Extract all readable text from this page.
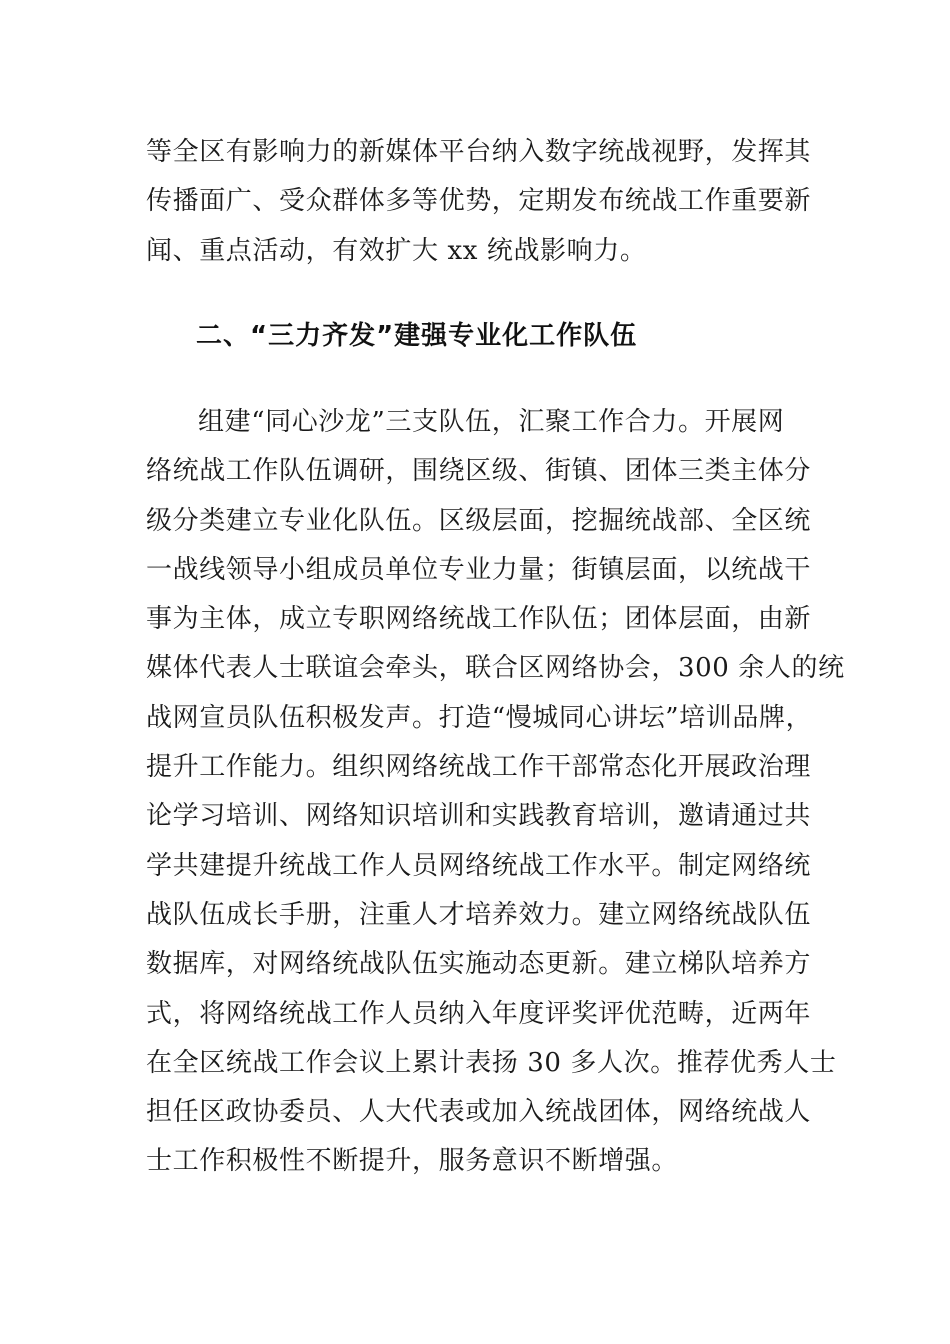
等全区有影响力的新媒体平台纳入数字统战视野，发挥其
传播面广、受众群体多等优势，定期发布统战工作重要新
闻、重点活动，有效扩大 xx 统战影响力。
二、“三力齐发”建强专业化工作队伍
组建“同心沙龙”三支队伍，汇聚工作合力。开展网
络统战工作队伍调研，围绕区级、街镇、团体三类主体分
级分类建立专业化队伍。区级层面，挖掘统战部、全区统
一战线领导小组成员单位专业力量；街镇层面，以统战干
事为主体，成立专职网络统战工作队伍；团体层面，由新
媒体代表人士联谊会牵头，联合区网络协会，300 余人的统
战网宣员队伍积极发声。打造“慢城同心讲坛”培训品牌，
提升工作能力。组织网络统战工作干部常态化开展政治理
论学习培训、网络知识培训和实践教育培训，邀请通过共
学共建提升统战工作人员网络统战工作水平。制定网络统
战队伍成长手册，注重人才培养效力。建立网络统战队伍
数据库，对网络统战队伍实施动态更新。建立梯队培养方
式，将网络统战工作人员纳入年度评奖评优范畴，近两年
在全区统战工作会议上累计表扬 30 多人次。推荐优秀人士
担任区政协委员、人大代表或加入统战团体，网络统战人
士工作积极性不断提升，服务意识不断增强。
